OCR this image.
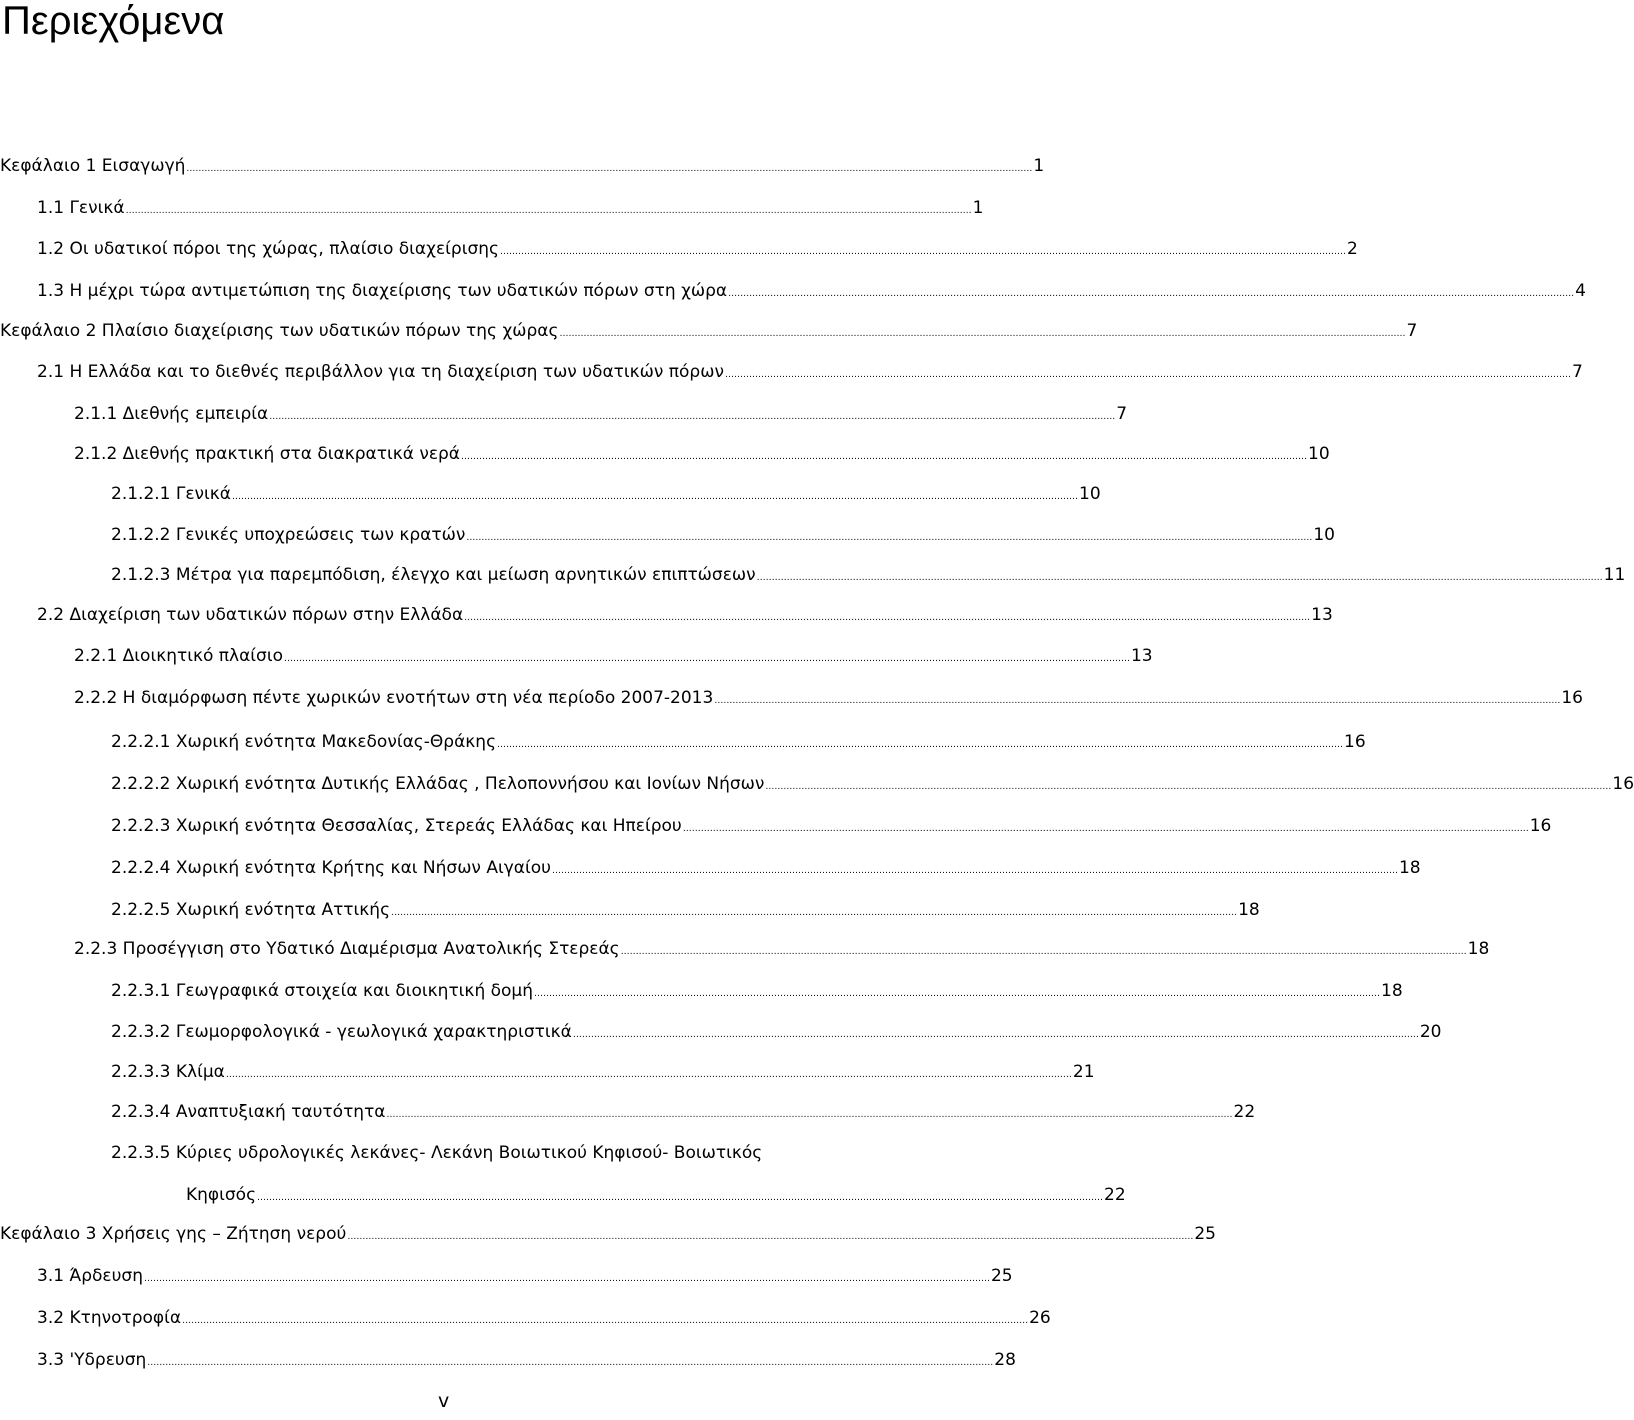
Περιεχόμενα
Κεφάλαιο 1 Εισαγωγή …………………………………………………………………………………………………………………………………………………………………………………………………………………………………………………………	1
1.1 Γενικά …………………………………………………………………………………………………………………………………………………………………………………………………………………………………………………………	1
1.2 Οι υδατικοί πόροι της χώρας, πλαίσιο διαχείρισης …………………………………………………………………………………………………………………………………………………………………………………………………………………………………………………………	2
1.3 Η μέχρι τώρα αντιμετώπιση της διαχείρισης των υδατικών πόρων στη χώρα …………………………………………………………………………………………………………………………………………………………………………………………………………………………………………………………	4
Κεφάλαιο 2 Πλαίσιο διαχείρισης των υδατικών πόρων της χώρας …………………………………………………………………………………………………………………………………………………………………………………………………………………………………………………………	7
2.1 Η Ελλάδα και το διεθνές περιβάλλον για τη διαχείριση των υδατικών πόρων …………………………………………………………………………………………………………………………………………………………………………………………………………………………………………………………	7
2.1.1 Διεθνής εμπειρία …………………………………………………………………………………………………………………………………………………………………………………………………………………………………………………………	7
2.1.2 Διεθνής πρακτική στα διακρατικά νερά …………………………………………………………………………………………………………………………………………………………………………………………………………………………………………………………	10
2.1.2.1 Γενικά …………………………………………………………………………………………………………………………………………………………………………………………………………………………………………………………	10
2.1.2.2 Γενικές υποχρεώσεις των κρατών …………………………………………………………………………………………………………………………………………………………………………………………………………………………………………………………	10
2.1.2.3 Μέτρα για παρεμπόδιση, έλεγχο και μείωση αρνητικών επιπτώσεων …………………………………………………………………………………………………………………………………………………………………………………………………………………………………………………………	11
2.2 Διαχείριση των υδατικών πόρων στην Ελλάδα …………………………………………………………………………………………………………………………………………………………………………………………………………………………………………………………	13
2.2.1 Διοικητικό πλαίσιο …………………………………………………………………………………………………………………………………………………………………………………………………………………………………………………………	13
2.2.2 Η διαμόρφωση πέντε χωρικών ενοτήτων στη νέα περίοδο 2007-2013 …………………………………………………………………………………………………………………………………………………………………………………………………………………………………………………………	16
2.2.2.1 Χωρική ενότητα Μακεδονίας-Θράκης …………………………………………………………………………………………………………………………………………………………………………………………………………………………………………………………	16
2.2.2.2 Χωρική ενότητα Δυτικής Ελλάδας , Πελοποννήσου και Ιονίων Νήσων …………………………………………………………………………………………………………………………………………………………………………………………………………………………………………………………	16
2.2.2.3 Χωρική ενότητα Θεσσαλίας, Στερεάς Ελλάδας και Ηπείρου …………………………………………………………………………………………………………………………………………………………………………………………………………………………………………………………	16
2.2.2.4 Χωρική ενότητα Κρήτης και Νήσων Αιγαίου …………………………………………………………………………………………………………………………………………………………………………………………………………………………………………………………	18
2.2.2.5 Χωρική ενότητα Αττικής …………………………………………………………………………………………………………………………………………………………………………………………………………………………………………………………	18
2.2.3 Προσέγγιση στο Υδατικό Διαμέρισμα Ανατολικής Στερεάς …………………………………………………………………………………………………………………………………………………………………………………………………………………………………………………………	18
2.2.3.1 Γεωγραφικά στοιχεία και διοικητική δομή …………………………………………………………………………………………………………………………………………………………………………………………………………………………………………………………	18
2.2.3.2 Γεωμορφολογικά - γεωλογικά χαρακτηριστικά …………………………………………………………………………………………………………………………………………………………………………………………………………………………………………………………	20
2.2.3.3 Κλίμα …………………………………………………………………………………………………………………………………………………………………………………………………………………………………………………………	21
2.2.3.4 Αναπτυξιακή ταυτότητα …………………………………………………………………………………………………………………………………………………………………………………………………………………………………………………………	22
2.2.3.5 Κύριες υδρολογικές λεκάνες- Λεκάνη Βοιωτικού Κηφισού- Βοιωτικός
Κηφισός …………………………………………………………………………………………………………………………………………………………………………………………………………………………………………………………	22
Κεφάλαιο 3 Χρήσεις γης – Ζήτηση νερού …………………………………………………………………………………………………………………………………………………………………………………………………………………………………………………………	25
3.1 Άρδευση …………………………………………………………………………………………………………………………………………………………………………………………………………………………………………………………	25
3.2 Κτηνοτροφία …………………………………………………………………………………………………………………………………………………………………………………………………………………………………………………………	26
3.3 'Υδρευση …………………………………………………………………………………………………………………………………………………………………………………………………………………………………………………………	28
v
